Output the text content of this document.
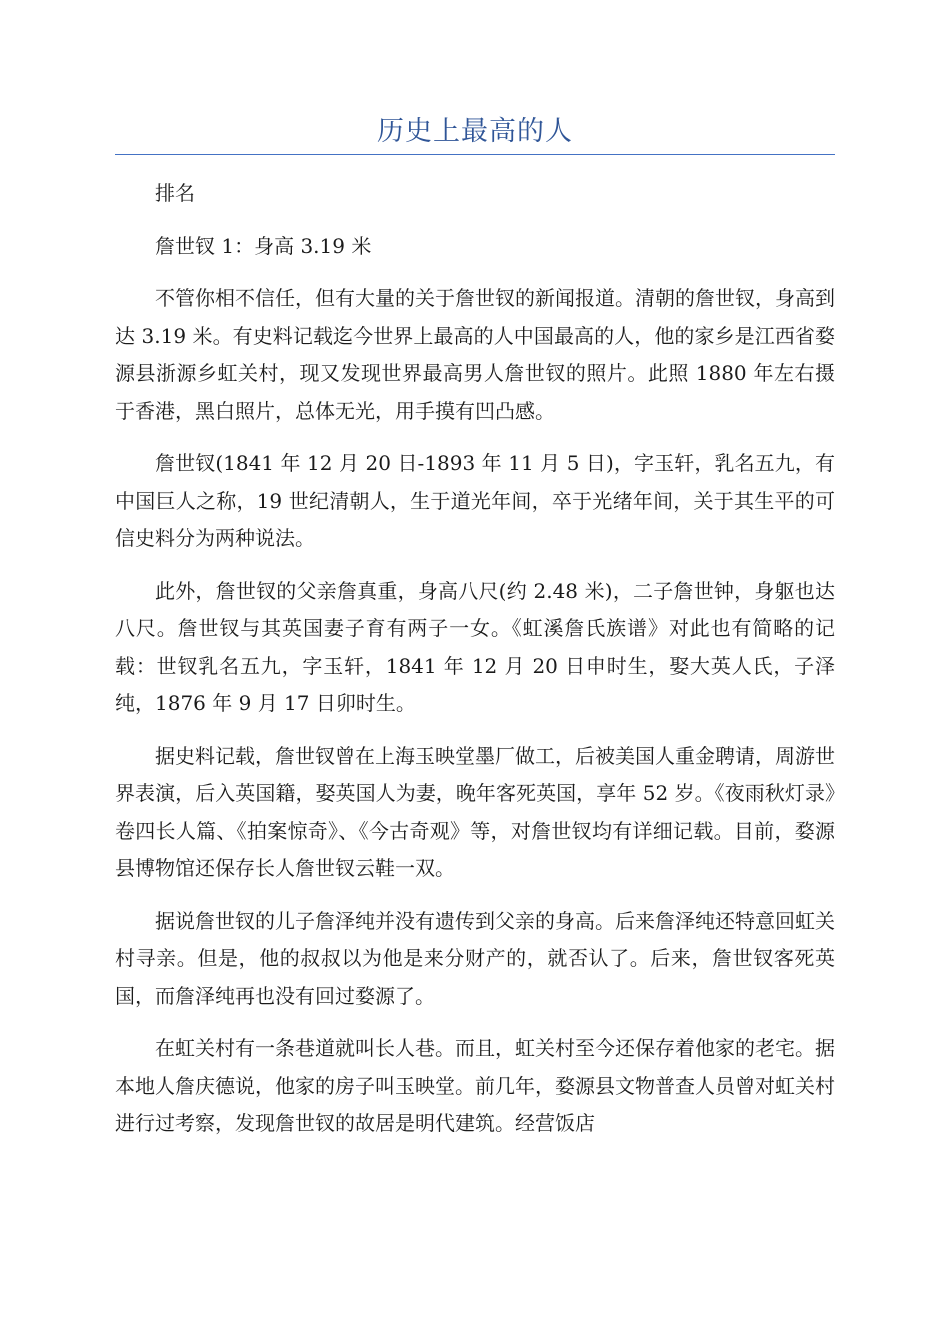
历史上最高的人

排名

詹世钗 1：身高 3.19 米

不管你相不信任，但有大量的关于詹世钗的新闻报道。清朝的詹世钗，身高到达 3.19 米。有史料记载迄今世界上最高的人中国最高的人，他的家乡是江西省婺源县浙源乡虹关村，现又发现世界最高男人詹世钗的照片。此照 1880 年左右摄于香港，黑白照片，总体无光，用手摸有凹凸感。

詹世钗(1841 年 12 月 20 日-1893 年 11 月 5 日)，字玉轩，乳名五九，有中国巨人之称，19 世纪清朝人，生于道光年间，卒于光绪年间，关于其生平的可信史料分为两种说法。

此外，詹世钗的父亲詹真重，身高八尺(约 2.48 米)，二子詹世钟，身躯也达八尺。詹世钗与其英国妻子育有两子一女。《虹溪詹氏族谱》对此也有简略的记载：世钗乳名五九，字玉轩，1841 年 12 月 20 日申时生，娶大英人氏，子泽纯，1876 年 9 月 17 日卯时生。

据史料记载，詹世钗曾在上海玉映堂墨厂做工，后被美国人重金聘请，周游世界表演，后入英国籍，娶英国人为妻，晚年客死英国，享年 52 岁。《夜雨秋灯录》卷四长人篇、《拍案惊奇》、《今古奇观》等，对詹世钗均有详细记载。目前，婺源县博物馆还保存长人詹世钗云鞋一双。

据说詹世钗的儿子詹泽纯并没有遗传到父亲的身高。后来詹泽纯还特意回虹关村寻亲。但是，他的叔叔以为他是来分财产的，就否认了。后来，詹世钗客死英国，而詹泽纯再也没有回过婺源了。

在虹关村有一条巷道就叫长人巷。而且，虹关村至今还保存着他家的老宅。据本地人詹庆德说，他家的房子叫玉映堂。前几年，婺源县文物普查人员曾对虹关村进行过考察，发现詹世钗的故居是明代建筑。经营饭店
